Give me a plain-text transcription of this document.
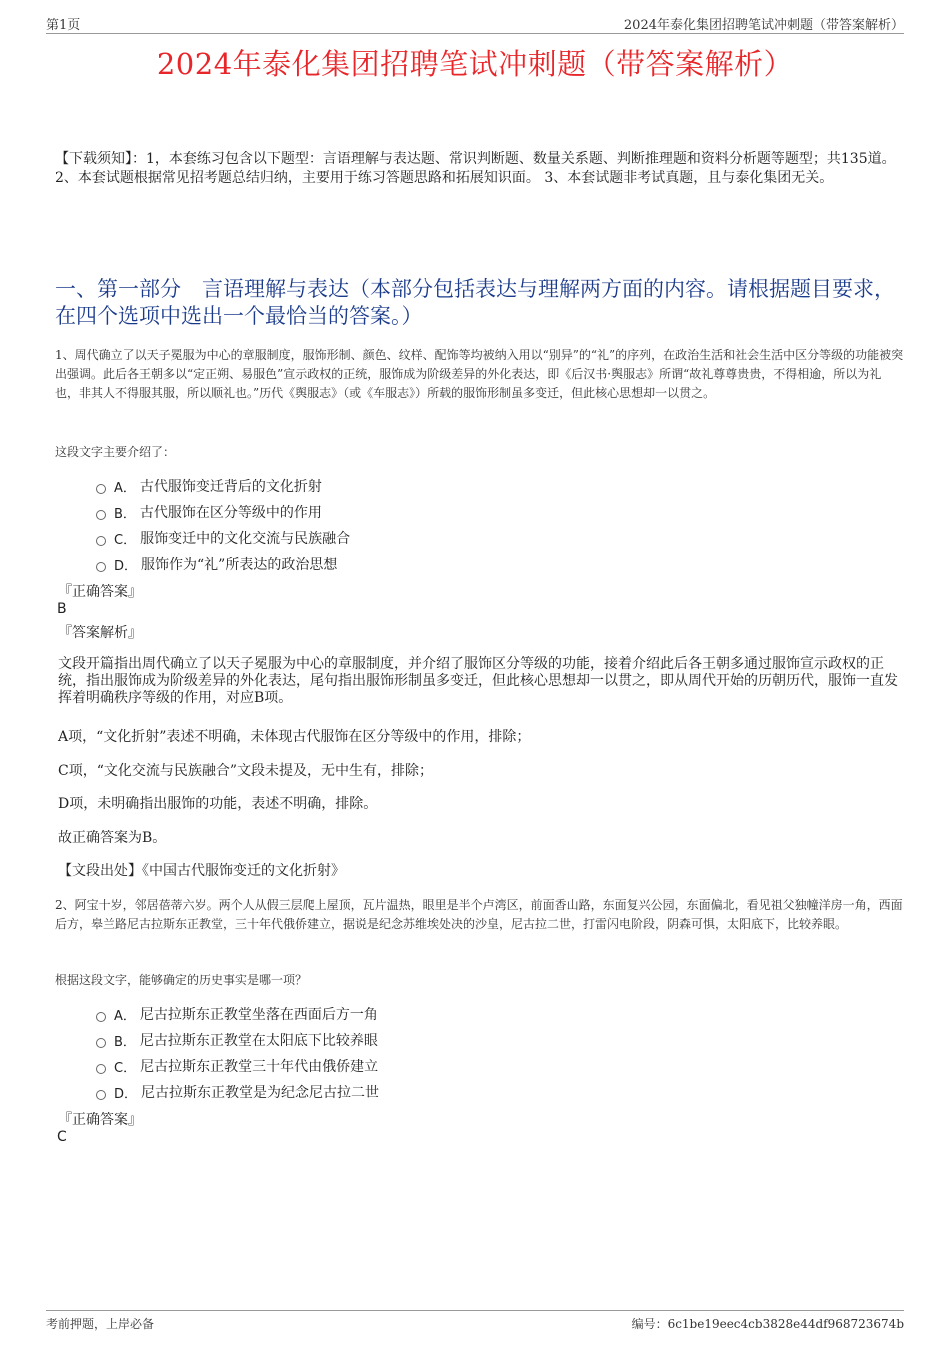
第1页	2024年泰化集团招聘笔试冲刺题（带答案解析）
2024年泰化集团招聘笔试冲刺题（带答案解析）
【下载须知】：1，本套练习包含以下题型：言语理解与表达题、常识判断题、数量关系题、判断推理题和资料分析题等题型；共135道。 2、本套试题根据常见招考题总结归纳，主要用于练习答题思路和拓展知识面。 3、本套试题非考试真题，且与泰化集团无关。
一、第一部分　言语理解与表达（本部分包括表达与理解两方面的内容。请根据题目要求，在四个选项中选出一个最恰当的答案。）
1、周代确立了以天子冕服为中心的章服制度，服饰形制、颜色、纹样、配饰等均被纳入用以“别异”的“礼”的序列，在政治生活和社会生活中区分等级的功能被突出强调。此后各王朝多以“定正朔、易服色”宣示政权的正统，服饰成为阶级差异的外化表达，即《后汉书·舆服志》所谓“故礼尊尊贵贵，不得相逾，所以为礼也，非其人不得服其服，所以顺礼也。”历代《舆服志》（或《车服志》）所载的服饰形制虽多变迁，但此核心思想却一以贯之。
这段文字主要介绍了：
A． 古代服饰变迁背后的文化折射
B． 古代服饰在区分等级中的作用
C． 服饰变迁中的文化交流与民族融合
D． 服饰作为“礼”所表达的政治思想
『正确答案』
B
『答案解析』
文段开篇指出周代确立了以天子冕服为中心的章服制度，并介绍了服饰区分等级的功能，接着介绍此后各王朝多通过服饰宣示政权的正统，指出服饰成为阶级差异的外化表达，尾句指出服饰形制虽多变迁，但此核心思想却一以贯之，即从周代开始的历朝历代，服饰一直发挥着明确秩序等级的作用，对应B项。
A项，“文化折射”表述不明确，未体现古代服饰在区分等级中的作用，排除；
C项，“文化交流与民族融合”文段未提及，无中生有，排除；
D项，未明确指出服饰的功能，表述不明确，排除。
故正确答案为B。
【文段出处】《中国古代服饰变迁的文化折射》
2、阿宝十岁，邻居蓓蒂六岁。两个人从假三层爬上屋顶，瓦片温热，眼里是半个卢湾区，前面香山路，东面复兴公园，东面偏北，看见祖父独幢洋房一角，西面后方，皋兰路尼古拉斯东正教堂，三十年代俄侨建立，据说是纪念苏维埃处决的沙皇，尼古拉二世，打雷闪电阶段，阴森可惧，太阳底下，比较养眼。
根据这段文字，能够确定的历史事实是哪一项？
A． 尼古拉斯东正教堂坐落在西面后方一角
B． 尼古拉斯东正教堂在太阳底下比较养眼
C． 尼古拉斯东正教堂三十年代由俄侨建立
D． 尼古拉斯东正教堂是为纪念尼古拉二世
『正确答案』
C
考前押题，上岸必备	编号：6c1be19eec4cb3828e44df968723674b
